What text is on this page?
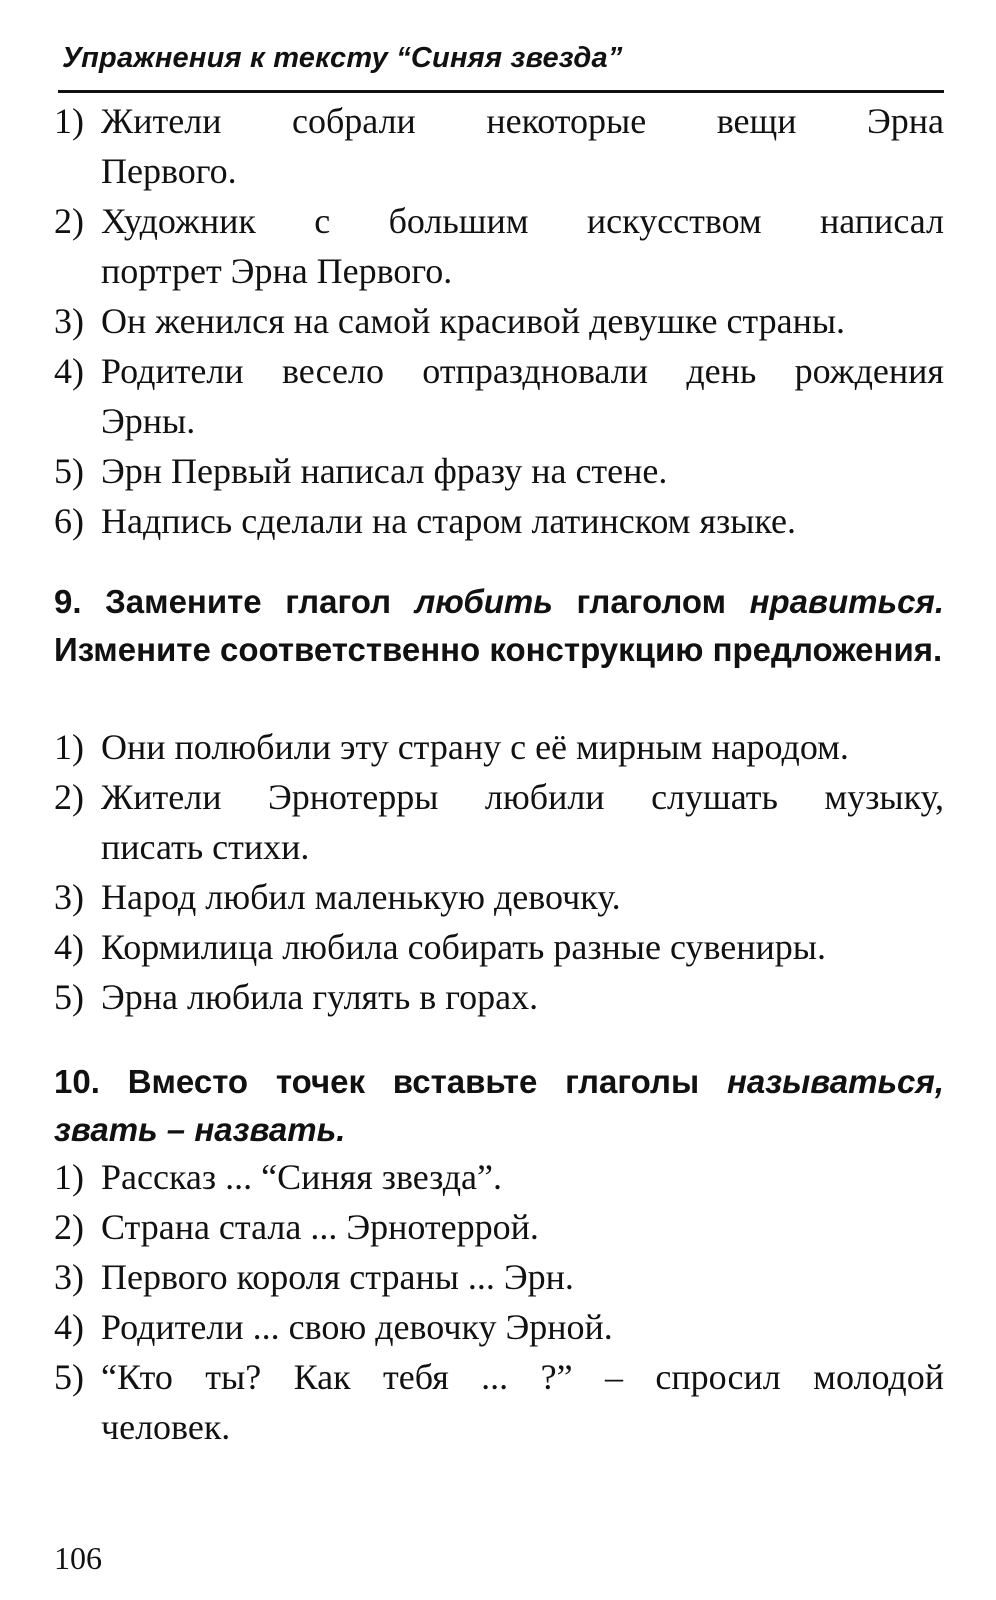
Упражнения к тексту “Синяя звезда”
1) Жители собрали некоторые вещи Эрна
Первого.
2) Художник с большим искусством написал
портрет Эрна Первого.
3) Он женился на самой красивой девушке страны.
4) Родители весело отпраздновали день рождения
Эрны.
5) Эрн Первый написал фразу на стене.
6) Надпись сделали на старом латинском языке.
9. Замените глагол любить глаголом нравиться. Измените соответственно конструкцию предложения.
1) Они полюбили эту страну с её мирным народом.
2) Жители Эрнотерры любили слушать музыку,
писать стихи.
3) Народ любил маленькую девочку.
4) Кормилица любила собирать разные сувениры.
5) Эрна любила гулять в горах.
10. Вместо точек вставьте глаголы называться, звать – назвать.
1) Рассказ ... “Синяя звезда”.
2) Страна стала ... Эрнотеррой.
3) Первого короля страны ... Эрн.
4) Родители ... свою девочку Эрной.
5) “Кто ты? Как тебя ... ?” – спросил молодой
человек.
106
